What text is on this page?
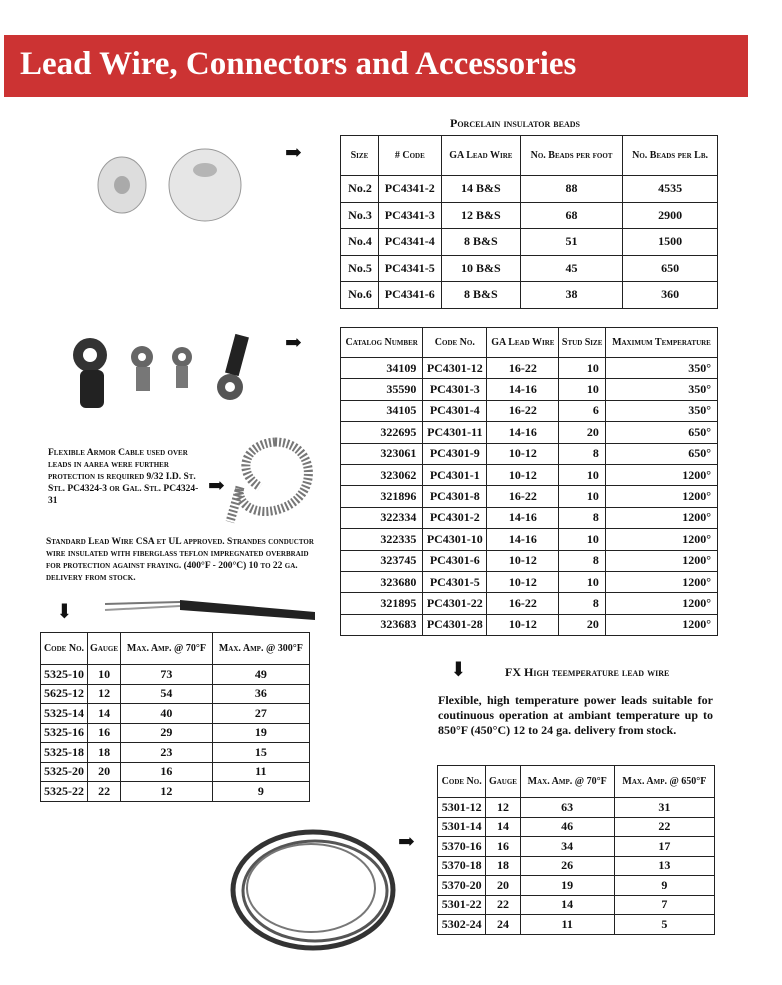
Lead Wire, Connectors and Accessories
➡
Porcelain insulator beads
Size	# Code	GA Lead Wire	No. Beads per foot	No. Beads per Lb.
No.2	PC4341-2	14 B&S	88	4535
No.3	PC4341-3	12 B&S	68	2900
No.4	PC4341-4	8 B&S	51	1500
No.5	PC4341-5	10 B&S	45	650
No.6	PC4341-6	8 B&S	38	360
➡	Catalog Number	Code No.	GA Lead Wire	Stud Size	Maximum Temperature
34109	PC4301-12	16-22	10	350°
35590	PC4301-3	14-16	10	350°
34105	PC4301-4	16-22	6	350°
322695	PC4301-11	14-16	20	650°
323061	PC4301-9	10-12	8	650°
323062	PC4301-1	10-12	10	1200°
321896	PC4301-8	16-22	10	1200°
322334	PC4301-2	14-16	8	1200°
322335	PC4301-10	14-16	10	1200°
323745	PC4301-6	10-12	8	1200°
323680	PC4301-5	10-12	10	1200°
321895	PC4301-22	16-22	8	1200°
323683	PC4301-28	10-12	20	1200°
Flexible Armor Cable used over leads in aarea were further protection is required 9/32 I.D. St. Stl. PC4324-3 or Gal. Stl. PC4324-31
➡
Standard Lead Wire CSA et UL approved. Strandes conductor wire insulated with fiberglass teflon impregnated overbraid for protection against fraying. (400°F - 200°C) 10 to 22 ga. delivery from stock.
⬇
Code No.	Gauge	Max. Amp. @ 70°F	Max. Amp. @ 300°F
5325-10	10	73	49
5625-12	12	54	36
5325-14	14	40	27
5325-16	16	29	19
5325-18	18	23	15
5325-20	20	16	11
5325-22	22	12	9
⬇	FX High teemperature lead wire
Flexible, high temperature power leads suitable for coutinuous operation at ambiant temperature up to 850°F (450°C) 12 to 24 ga. delivery from stock.
Code No.	Gauge	Max. Amp. @ 70°F	Max. Amp. @ 650°F
5301-12	12	63	31
5301-14	14	46	22
5370-16	16	34	17
5370-18	18	26	13
5370-20	20	19	9
5301-22	22	14	7
5302-24	24	11	5
➡
